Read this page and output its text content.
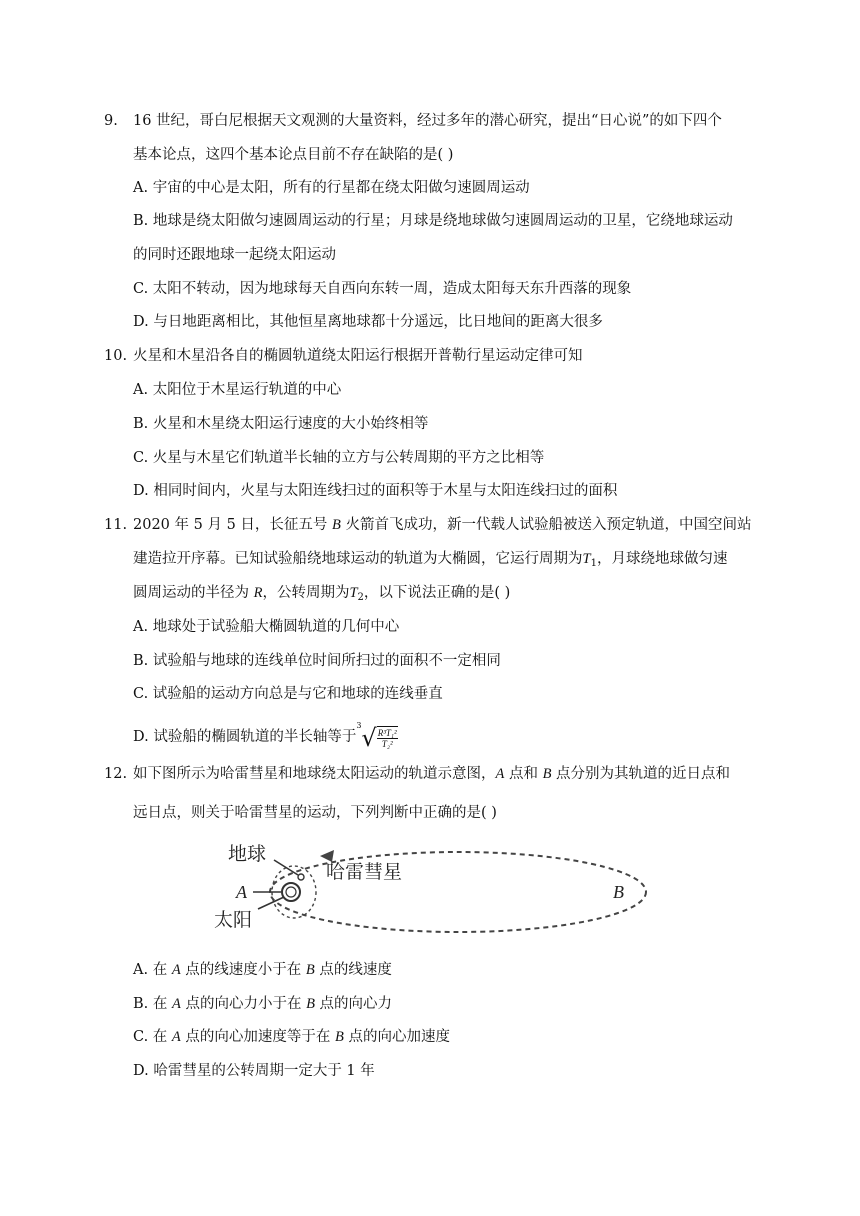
9. 16 世纪，哥白尼根据天文观测的大量资料，经过多年的潜心研究，提出“日心说”的如下四个
基本论点，这四个基本论点目前不存在缺陷的是( )
A. 宇宙的中心是太阳，所有的行星都在绕太阳做匀速圆周运动
B. 地球是绕太阳做匀速圆周运动的行星；月球是绕地球做匀速圆周运动的卫星，它绕地球运动
的同时还跟地球一起绕太阳运动
C. 太阳不转动，因为地球每天自西向东转一周，造成太阳每天东升西落的现象
D. 与日地距离相比，其他恒星离地球都十分遥远，比日地间的距离大很多
10. 火星和木星沿各自的椭圆轨道绕太阳运行根据开普勒行星运动定律可知
A. 太阳位于木星运行轨道的中心
B. 火星和木星绕太阳运行速度的大小始终相等
C. 火星与木星它们轨道半长轴的立方与公转周期的平方之比相等
D. 相同时间内，火星与太阳连线扫过的面积等于木星与太阳连线扫过的面积
11. 2020 年 5 月 5 日，长征五号 B 火箭首飞成功，新一代载人试验船被送入预定轨道，中国空间站
建造拉开序幕。已知试验船绕地球运动的轨道为大椭圆，它运行周期为$T_1$，月球绕地球做匀速
圆周运动的半径为 R，公转周期为$T_2$，以下说法正确的是( )
A. 地球处于试验船大椭圆轨道的几何中心
B. 试验船与地球的连线单位时间所扫过的面积不一定相同
C. 试验船的运动方向总是与它和地球的连线垂直
D. 试验船的椭圆轨道的半长轴等于$^3√ \frac{\text{R³T₁²}}{\text{T₂²}}$
12. 如下图所示为哈雷彗星和地球绕太阳运动的轨道示意图，A 点和 B 点分别为其轨道的近日点和
远日点，则关于哈雷彗星的运动，下列判断中正确的是( )
地球
哈雷彗星
A
太阳
B
A. 在 A 点的线速度小于在 B 点的线速度
B. 在 A 点的向心力小于在 B 点的向心力
C. 在 A 点的向心加速度等于在 B 点的向心加速度
D. 哈雷彗星的公转周期一定大于 1 年
